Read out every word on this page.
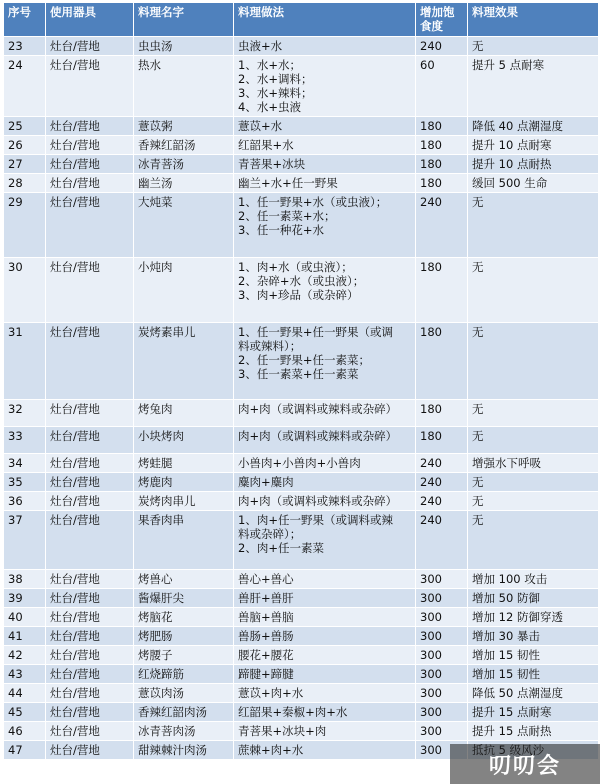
序号	使用器具	料理名字	料理做法	增加饱食度	料理效果
23	灶台/营地	虫虫汤	虫液+水	240	无
24	灶台/营地	热水	1、水+水；
2、水+调料；
3、水+辣料；
4、水+虫液	60	提升 5 点耐寒
25	灶台/营地	薏苡粥	薏苡+水	180	降低 40 点潮湿度
26	灶台/营地	香辣红韶汤	红韶果+水	180	提升 10 点耐寒
27	灶台/营地	冰青菩汤	青菩果+冰块	180	提升 10 点耐热
28	灶台/营地	幽兰汤	幽兰+水+任一野果	180	缓回 500 生命
29	灶台/营地	大炖菜	1、任一野果+水（或虫液）；
2、任一素菜+水；
3、任一种花+水	240	无
30	灶台/营地	小炖肉	1、肉+水（或虫液）；
2、杂碎+水（或虫液）；
3、肉+珍品（或杂碎）	180	无
31	灶台/营地	炭烤素串儿	1、任一野果+任一野果（或调
料或辣料）；
2、任一野果+任一素菜；
3、任一素菜+任一素菜	180	无
32	灶台/营地	烤兔肉	肉+肉（或调料或辣料或杂碎）	180	无
33	灶台/营地	小块烤肉	肉+肉（或调料或辣料或杂碎）	180	无
34	灶台/营地	烤蛙腿	小兽肉+小兽肉+小兽肉	240	增强水下呼吸
35	灶台/营地	烤鹿肉	麋肉+麋肉	240	无
36	灶台/营地	炭烤肉串儿	肉+肉（或调料或辣料或杂碎）	240	无
37	灶台/营地	果香肉串	1、肉+任一野果（或调料或辣
料或杂碎）；
2、肉+任一素菜	240	无
38	灶台/营地	烤兽心	兽心+兽心	300	增加 100 攻击
39	灶台/营地	酱爆肝尖	兽肝+兽肝	300	增加 50 防御
40	灶台/营地	烤脑花	兽脑+兽脑	300	增加 12 防御穿透
41	灶台/营地	烤肥肠	兽肠+兽肠	300	增加 30 暴击
42	灶台/营地	烤腰子	腰花+腰花	300	增加 15 韧性
43	灶台/营地	红烧蹄筋	蹄腱+蹄腱	300	增加 15 韧性
44	灶台/营地	薏苡肉汤	薏苡+肉+水	300	降低 50 点潮湿度
45	灶台/营地	香辣红韶肉汤	红韶果+秦椒+肉+水	300	提升 15 点耐寒
46	灶台/营地	冰青菩肉汤	青菩果+冰块+肉	300	提升 15 点耐热
47	灶台/营地	甜辣棘汁肉汤	蔗棘+肉+水	300	
叨叨会
